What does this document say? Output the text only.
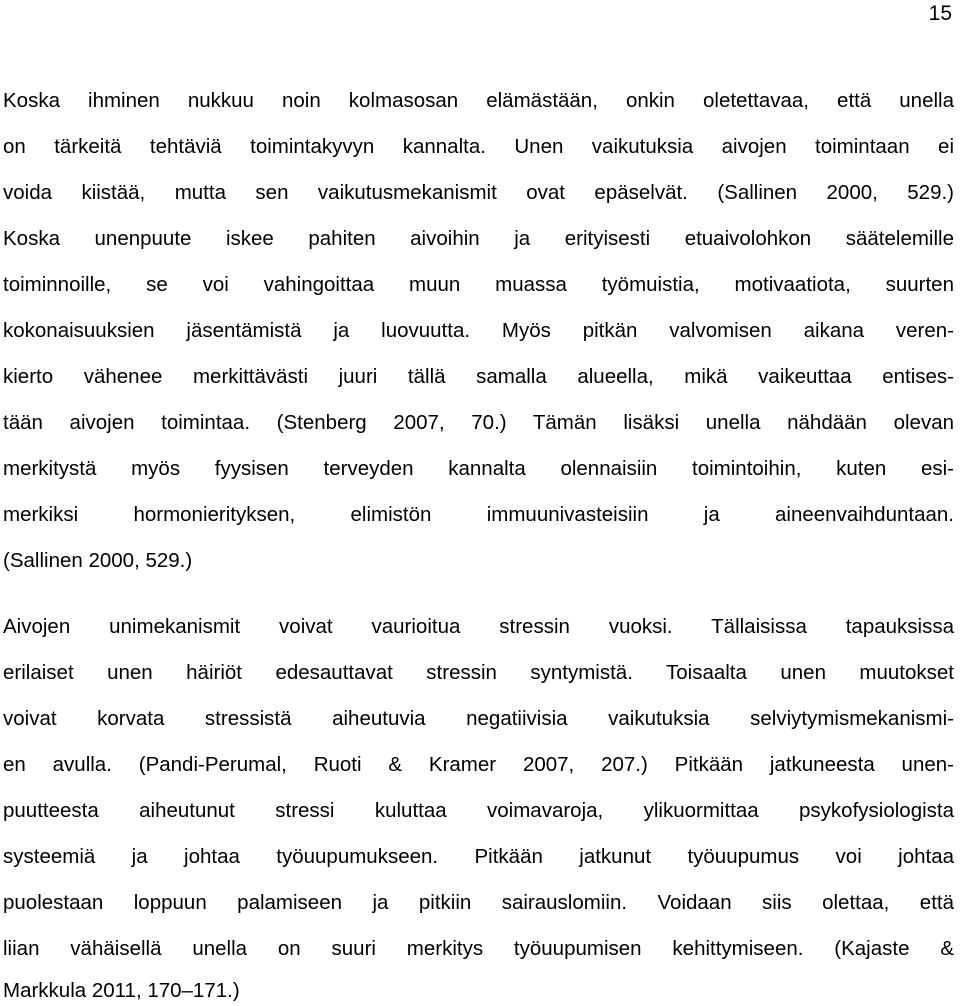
15
Koska ihminen nukkuu noin kolmasosan elämästään, onkin oletettavaa, että unella
on tärkeitä tehtäviä toimintakyvyn kannalta. Unen vaikutuksia aivojen toimintaan ei
voida kiistää, mutta sen vaikutusmekanismit ovat epäselvät. (Sallinen 2000, 529.)
Koska unenpuute iskee pahiten aivoihin ja erityisesti etuaivolohkon säätelemille
toiminnoille, se voi vahingoittaa muun muassa työmuistia, motivaatiota, suurten
kokonaisuuksien jäsentämistä ja luovuutta. Myös pitkän valvomisen aikana veren-
kierto vähenee merkittävästi juuri tällä samalla alueella, mikä vaikeuttaa entises-
tään aivojen toimintaa. (Stenberg 2007, 70.) Tämän lisäksi unella nähdään olevan
merkitystä myös fyysisen terveyden kannalta olennaisiin toimintoihin, kuten esi-
merkiksi hormonierityksen, elimistön immuunivasteisiin ja aineenvaihduntaan.
(Sallinen 2000, 529.)
Aivojen unimekanismit voivat vaurioitua stressin vuoksi. Tällaisissa tapauksissa
erilaiset unen häiriöt edesauttavat stressin syntymistä. Toisaalta unen muutokset
voivat korvata stressistä aiheutuvia negatiivisia vaikutuksia selviytymismekanismi-
en avulla. (Pandi-Perumal, Ruoti & Kramer 2007, 207.) Pitkään jatkuneesta unen-
puutteesta aiheutunut stressi kuluttaa voimavaroja, ylikuormittaa psykofysiologista
systeemiä ja johtaa työuupumukseen. Pitkään jatkunut työuupumus voi johtaa
puolestaan loppuun palamiseen ja pitkiin sairauslomiin. Voidaan siis olettaa, että
liian vähäisellä unella on suuri merkitys työuupumisen kehittymiseen. (Kajaste &
Markkula 2011, 170–171.)
